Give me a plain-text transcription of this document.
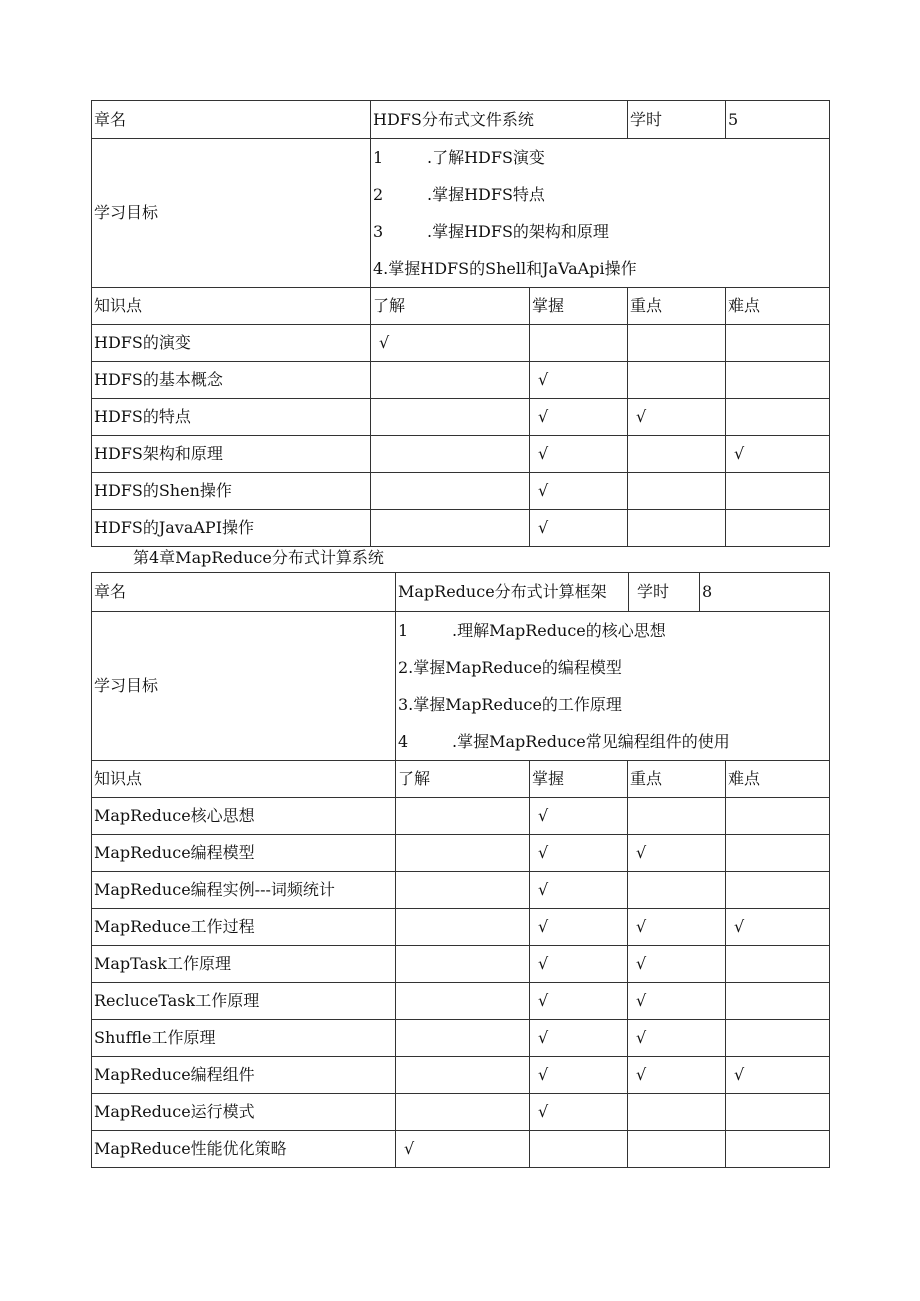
章名	HDFS分布式文件系统		学时	5
学习目标	1 .了解HDFS演变
2 .掌握HDFS特点
3 .掌握HDFS的架构和原理
4.掌握HDFS的Shell和JaVaApi操作			

知识点	了解	掌握	重点	难点
HDFS的演变	√			
HDFS的基本概念		√		
HDFS的特点		√	√	
HDFS架构和原理		√		√
HDFS的Shen操作		√		
HDFS的JavaAPI操作		√		
第4章MapReduce分布式计算系统
章名	MapReduce分布式计算框架 学时 8			

学习目标	1 .理解MapReduce的核心思想
2.掌握MapReduce的编程模型
3.掌握MapReduce的工作原理
4 .掌握MapReduce常见编程组件的使用			

知识点	了解	掌握	重点	难点
MapReduce核心思想		√		
MapReduce编程模型		√	√	
MapReduce编程实例---词频统计		√		
MapReduce工作过程		√	√	√
MapTask工作原理		√	√	
RecluceTask工作原理		√	√	
Shuffle工作原理		√	√	
MapReduce编程组件		√	√	√
MapReduce运行模式		√		
MapReduce性能优化策略	√			
